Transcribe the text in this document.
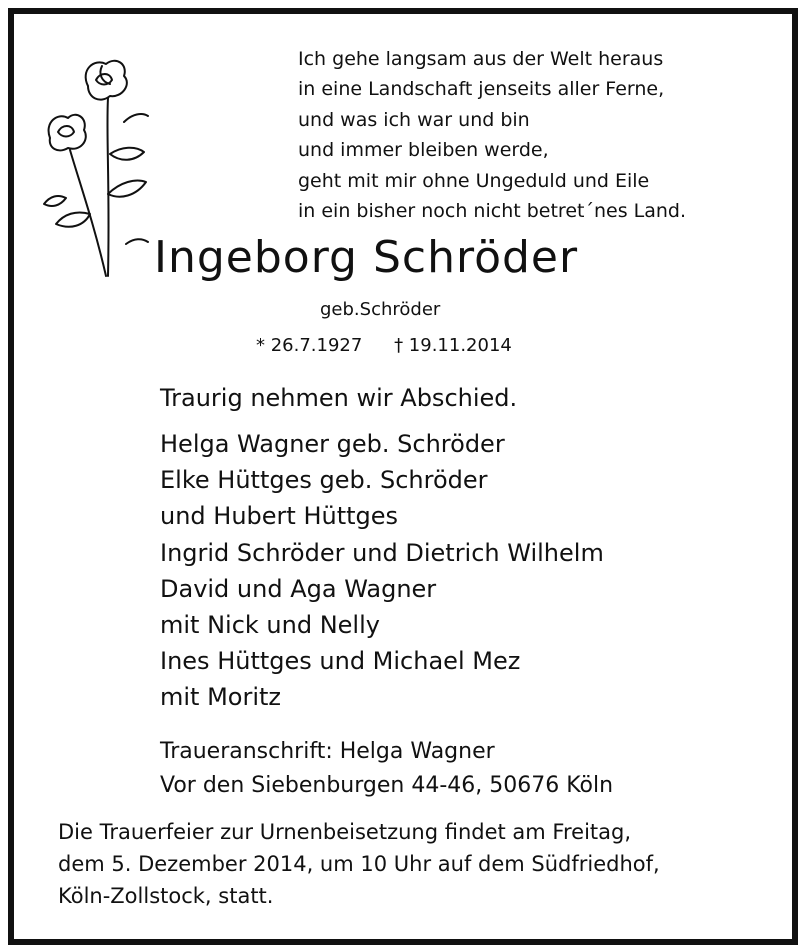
Ich gehe langsam aus der Welt heraus
in eine Landschaft jenseits aller Ferne,
und was ich war und bin
und immer bleiben werde,
geht mit mir ohne Ungeduld und Eile
in ein bisher noch nicht betret´nes Land.
Ingeborg Schröder
geb.Schröder
* 26.7.1927 † 19.11.2014
Traurig nehmen wir Abschied.
Helga Wagner geb. Schröder
Elke Hüttges geb. Schröder
und Hubert Hüttges
Ingrid Schröder und Dietrich Wilhelm
David und Aga Wagner
mit Nick und Nelly
Ines Hüttges und Michael Mez
mit Moritz
Traueranschrift: Helga Wagner
Vor den Siebenburgen 44-46, 50676 Köln
Die Trauerfeier zur Urnenbeisetzung findet am Freitag,
dem 5. Dezember 2014, um 10 Uhr auf dem Südfriedhof,
Köln-Zollstock, statt.
